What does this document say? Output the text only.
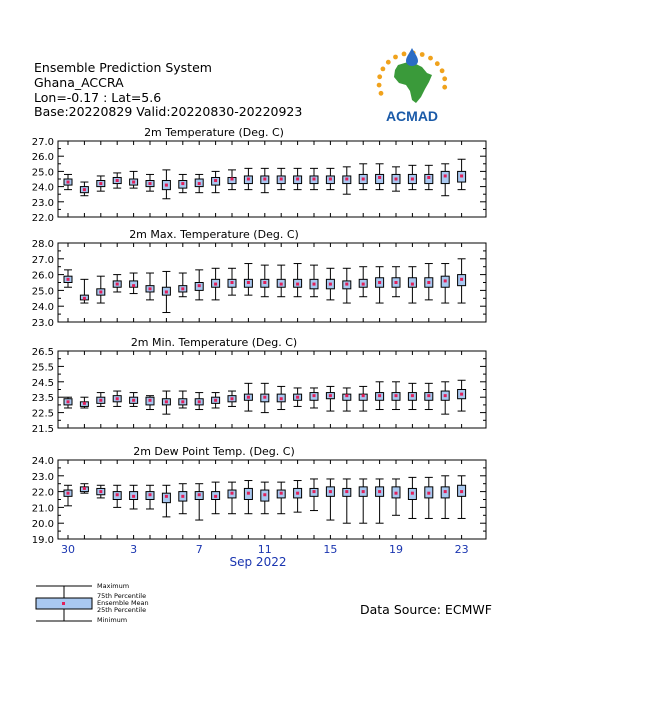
Ensemble Prediction System
Ghana_ACCRA
Lon=-0.17 : Lat=5.6
Base:20220829 Valid:20220830-20220923	ACMAD
2m Temperature (Deg. C)
22.0
23.0
24.0
25.0
26.0
27.0
2m Max. Temperature (Deg. C)
23.0
24.0
25.0
26.0
27.0
28.0
2m Min. Temperature (Deg. C)
21.5
22.5
23.5
24.5
25.5
26.5
2m Dew Point Temp. (Deg. C)
19.0
20.0
21.0
22.0
23.0
24.0
30	3	7	11	15	19	23
Sep 2022
Maximum
75th Percentile
Ensemble Mean
25th Percentile
Minimum
Data Source: ECMWF
